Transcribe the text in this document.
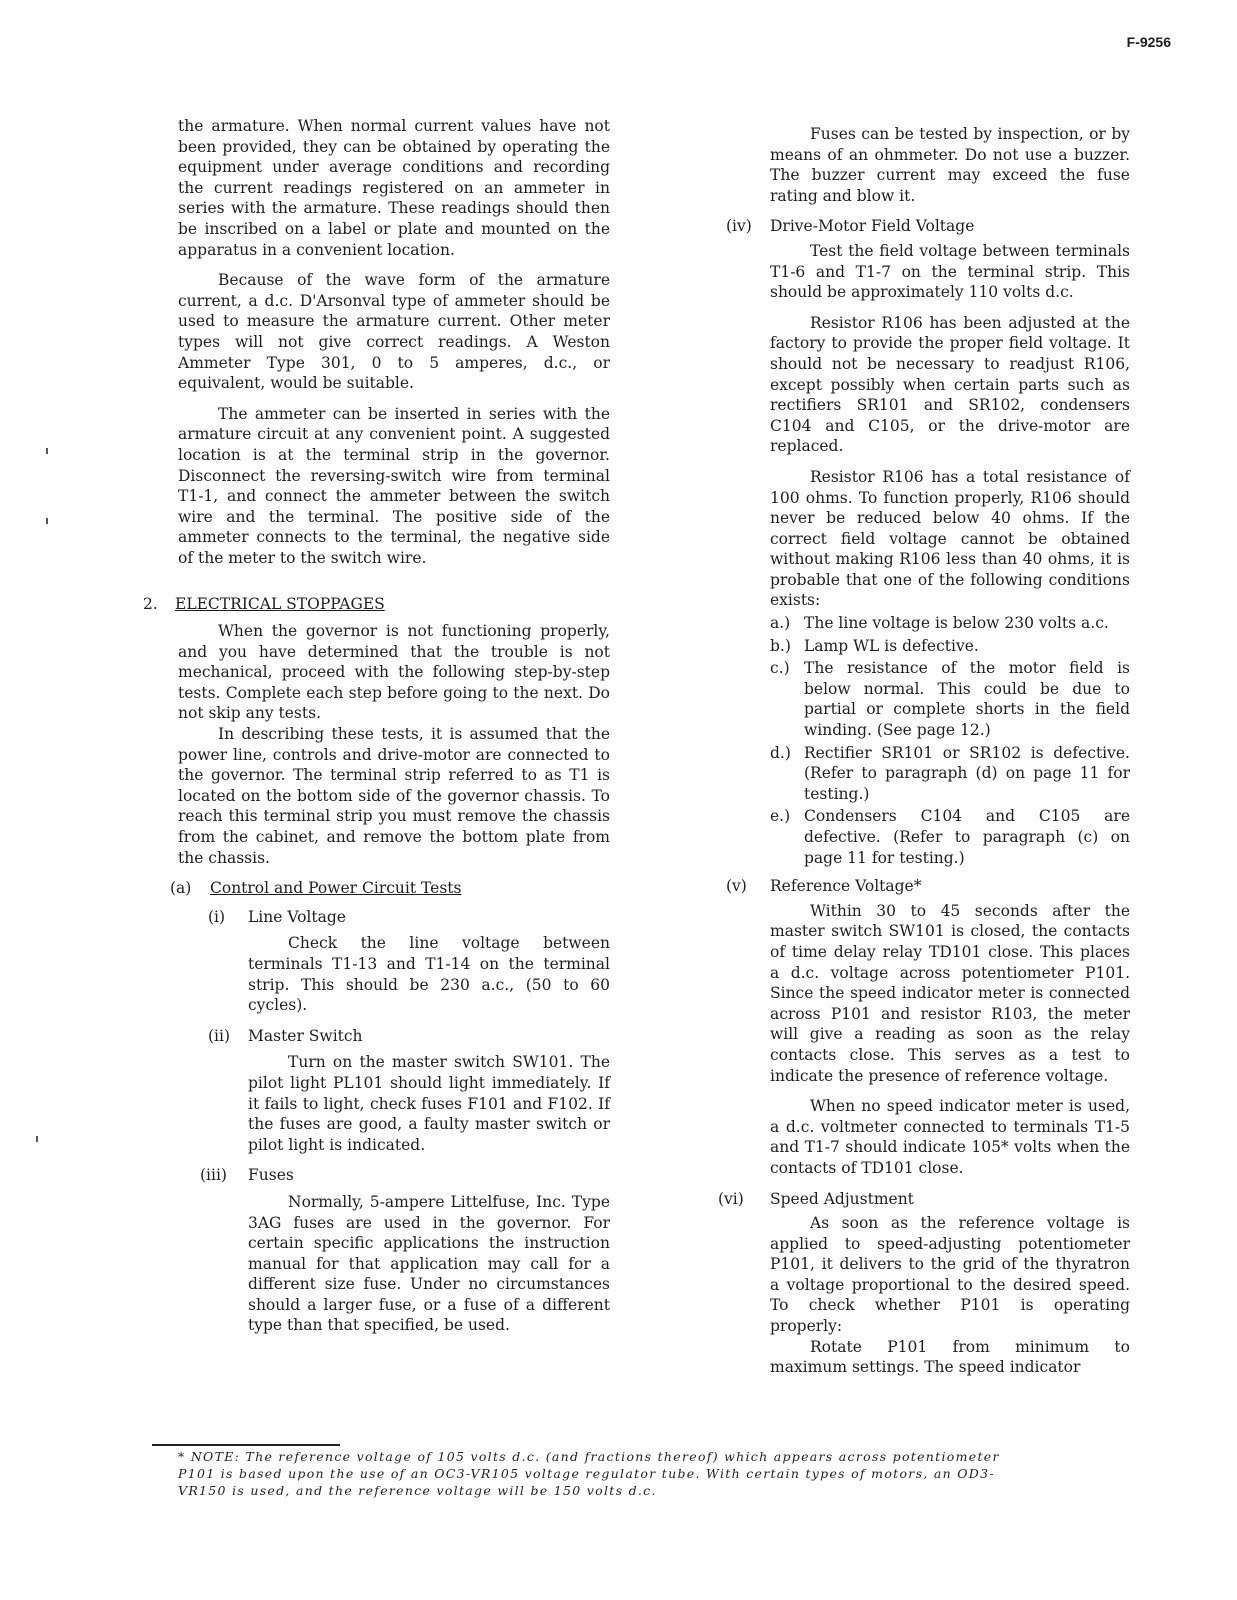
F-9256

the armature. When normal current values have not been provided, they can be obtained by operating the equipment under average conditions and recording the current readings registered on an ammeter in series with the armature. These readings should then be inscribed on a label or plate and mounted on the apparatus in a convenient location.

Because of the wave form of the armature current, a d.c. D'Arsonval type of ammeter should be used to measure the armature current. Other meter types will not give correct readings. A Weston Ammeter Type 301, 0 to 5 amperes, d.c., or equivalent, would be suitable.

The ammeter can be inserted in series with the armature circuit at any convenient point. A suggested location is at the terminal strip in the governor. Disconnect the reversing-switch wire from terminal T1-1, and connect the ammeter between the switch wire and the terminal. The positive side of the ammeter connects to the terminal, the negative side of the meter to the switch wire.

2. ELECTRICAL STOPPAGES

When the governor is not functioning properly, and you have determined that the trouble is not mechanical, proceed with the following step-by-step tests. Complete each step before going to the next. Do not skip any tests.

In describing these tests, it is assumed that the power line, controls and drive-motor are connected to the governor. The terminal strip referred to as T1 is located on the bottom side of the governor chassis. To reach this terminal strip you must remove the chassis from the cabinet, and remove the bottom plate from the chassis.

(a) Control and Power Circuit Tests
(i) Line Voltage

Check the line voltage between terminals T1-13 and T1-14 on the terminal strip. This should be 230 a.c., (50 to 60 cycles).

(ii) Master Switch

Turn on the master switch SW101. The pilot light PL101 should light immediately. If it fails to light, check fuses F101 and F102. If the fuses are good, a faulty master switch or pilot light is indicated.

(iii) Fuses

Normally, 5-ampere Littelfuse, Inc. Type 3AG fuses are used in the governor. For certain specific applications the instruction manual for that application may call for a different size fuse. Under no circumstances should a larger fuse, or a fuse of a different type than that specified, be used.

Fuses can be tested by inspection, or by means of an ohmmeter. Do not use a buzzer. The buzzer current may exceed the fuse rating and blow it.

(iv) Drive-Motor Field Voltage

Test the field voltage between terminals T1-6 and T1-7 on the terminal strip. This should be approximately 110 volts d.c.

Resistor R106 has been adjusted at the factory to provide the proper field voltage. It should not be necessary to readjust R106, except possibly when certain parts such as rectifiers SR101 and SR102, condensers C104 and C105, or the drive-motor are replaced.

Resistor R106 has a total resistance of 100 ohms. To function properly, R106 should never be reduced below 40 ohms. If the correct field voltage cannot be obtained without making R106 less than 40 ohms, it is probable that one of the following conditions exists:

a.) The line voltage is below 230 volts a.c.
b.) Lamp WL is defective.
c.) The resistance of the motor field is below normal. This could be due to partial or complete shorts in the field winding. (See page 12.)
d.) Rectifier SR101 or SR102 is defective. (Refer to paragraph (d) on page 11 for testing.)
e.) Condensers C104 and C105 are defective. (Refer to paragraph (c) on page 11 for testing.)
(v) Reference Voltage*

Within 30 to 45 seconds after the master switch SW101 is closed, the contacts of time delay relay TD101 close. This places a d.c. voltage across potentiometer P101. Since the speed indicator meter is connected across P101 and resistor R103, the meter will give a reading as soon as the relay contacts close. This serves as a test to indicate the presence of reference voltage.

When no speed indicator meter is used, a d.c. voltmeter connected to terminals T1-5 and T1-7 should indicate 105* volts when the contacts of TD101 close.

(vi) Speed Adjustment

As soon as the reference voltage is applied to speed-adjusting potentiometer P101, it delivers to the grid of the thyratron a voltage proportional to the desired speed. To check whether P101 is operating properly:

Rotate P101 from minimum to maximum settings. The speed indicator

* NOTE: The reference voltage of 105 volts d.c. (and fractions thereof) which appears across potentiometer P101 is based upon the use of an OC3-VR105 voltage regulator tube. With certain types of motors, an OD3-VR150 is used, and the reference voltage will be 150 volts d.c.
